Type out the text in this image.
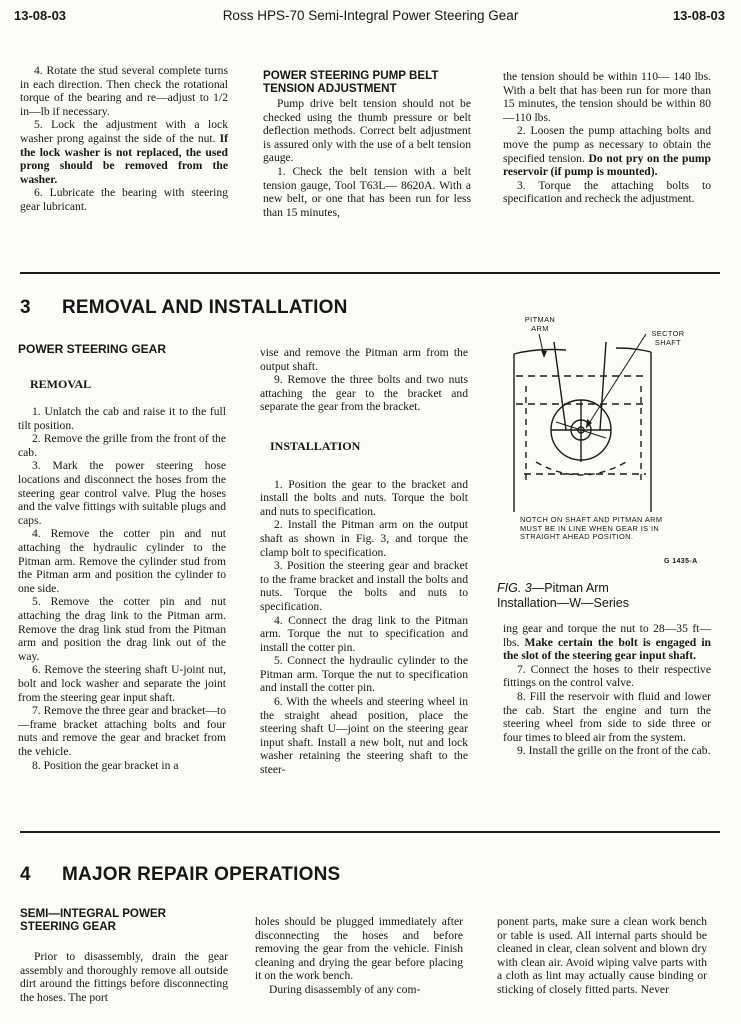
13-08-03	Ross HPS-70 Semi-Integral Power Steering Gear	13-08-03

4. Rotate the stud several complete turns in each direction. Then check the rotational torque of the bearing and re—adjust to 1/2 in—lb if necessary.

5. Lock the adjustment with a lock washer prong against the side of the nut. If the lock washer is not replaced, the used prong should be removed from the washer.

6. Lubricate the bearing with steering gear lubricant.

POWER STEERING PUMP BELT
TENSION ADJUSTMENT

Pump drive belt tension should not be checked using the thumb pressure or belt deflection methods. Correct belt adjustment is assured only with the use of a belt tension gauge.

1. Check the belt tension with a belt tension gauge, Tool T63L— 8620A. With a new belt, or one that has been run for less than 15 minutes,

the tension should be within 110— 140 lbs. With a belt that has been run for more than 15 minutes, the tension should be within 80—110 lbs.

2. Loosen the pump attaching bolts and move the pump as necessary to obtain the specified tension. Do not pry on the pump reservoir (if pump is mounted).

3. Torque the attaching bolts to specification and recheck the adjustment.

3 REMOVAL AND INSTALLATION
POWER STEERING GEAR
REMOVAL

1. Unlatch the cab and raise it to the full tilt position.

2. Remove the grille from the front of the cab.

3. Mark the power steering hose locations and disconnect the hoses from the steering gear control valve. Plug the hoses and the valve fittings with suitable plugs and caps.

4. Remove the cotter pin and nut attaching the hydraulic cylinder to the Pitman arm. Remove the cylinder stud from the Pitman arm and position the cylinder to one side.

5. Remove the cotter pin and nut attaching the drag link to the Pitman arm. Remove the drag link stud from the Pitman arm and position the drag link out of the way.

6. Remove the steering shaft U-joint nut, bolt and lock washer and separate the joint from the steering gear input shaft.

7. Remove the three gear and bracket—to—frame bracket attaching bolts and four nuts and remove the gear and bracket from the vehicle.

8. Position the gear bracket in a

vise and remove the Pitman arm from the output shaft.

9. Remove the three bolts and two nuts attaching the gear to the bracket and separate the gear from the bracket.

INSTALLATION

1. Position the gear to the bracket and install the bolts and nuts. Torque the bolt and nuts to specification.

2. Install the Pitman arm on the output shaft as shown in Fig. 3, and torque the clamp bolt to specification.

3. Position the steering gear and bracket to the frame bracket and install the bolts and nuts. Torque the bolts and nuts to specification.

4. Connect the drag link to the Pitman arm. Torque the nut to specification and install the cotter pin.

5. Connect the hydraulic cylinder to the Pitman arm. Torque the nut to specification and install the cotter pin.

6. With the wheels and steering wheel in the straight ahead position, place the steering shaft U—joint on the steering gear input shaft. Install a new bolt, nut and lock washer retaining the steering shaft to the steer-

PITMAN
ARM
SECTOR
SHAFT
NOTCH ON SHAFT AND PITMAN ARM
MUST BE IN LINE WHEN GEAR IS IN
STRAIGHT AHEAD POSITION.
G 1435-A
FIG. 3—Pitman Arm
Installation—W—Series

ing gear and torque the nut to 28—35 ft—lbs. Make certain the bolt is engaged in the slot of the steering gear input shaft.

7. Connect the hoses to their respective fittings on the control valve.

8. Fill the reservoir with fluid and lower the cab. Start the engine and turn the steering wheel from side to side three or four times to bleed air from the system.

9. Install the grille on the front of the cab.

4 MAJOR REPAIR OPERATIONS
SEMI—INTEGRAL POWER
STEERING GEAR

Prior to disassembly, drain the gear assembly and thoroughly remove all outside dirt around the fittings before disconnecting the hoses. The port

holes should be plugged immediately after disconnecting the hoses and before removing the gear from the vehicle. Finish cleaning and drying the gear before placing it on the work bench.

During disassembly of any com-

ponent parts, make sure a clean work bench or table is used. All internal parts should be cleaned in clear, clean solvent and blown dry with clean air. Avoid wiping valve parts with a cloth as lint may actually cause binding or sticking of closely fitted parts. Never
